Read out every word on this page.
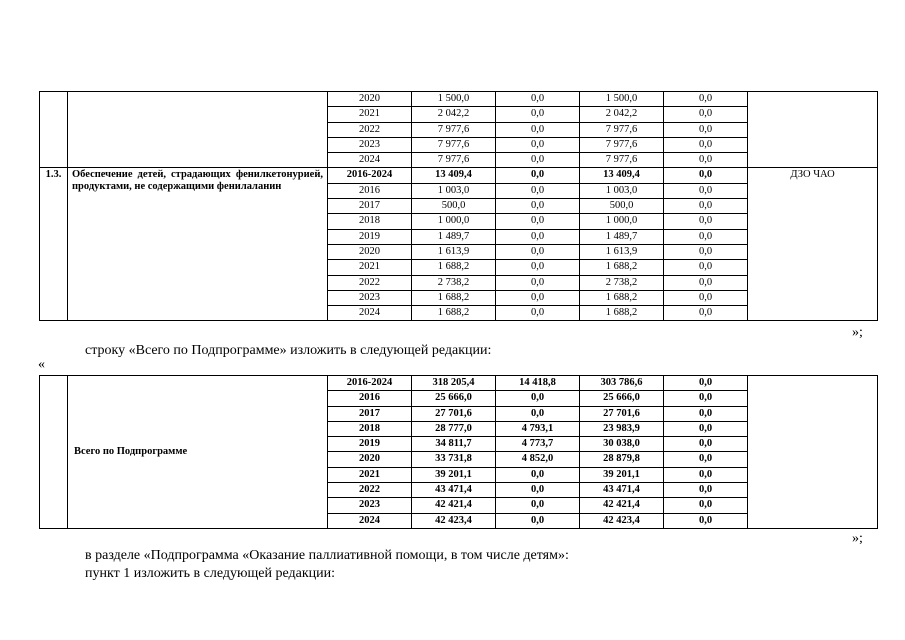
		2020	1 500,0	0,0	1 500,0	0,0	
		2021	2 042,2	0,0	2 042,2	0,0	
		2022	7 977,6	0,0	7 977,6	0,0	
		2023	7 977,6	0,0	7 977,6	0,0	
		2024	7 977,6	0,0	7 977,6	0,0	
1.3.	Обеспечение детей, страдающих фенилкетонурией, продуктами, не содержащими фенилаланин	2016-2024	13 409,4	0,0	13 409,4	0,0	ДЗО ЧАО
		2016	1 003,0	0,0	1 003,0	0,0	
		2017	500,0	0,0	500,0	0,0	
		2018	1 000,0	0,0	1 000,0	0,0	
		2019	1 489,7	0,0	1 489,7	0,0	
		2020	1 613,9	0,0	1 613,9	0,0	
		2021	1 688,2	0,0	1 688,2	0,0	
		2022	2 738,2	0,0	2 738,2	0,0	
		2023	1 688,2	0,0	1 688,2	0,0	
		2024	1 688,2	0,0	1 688,2	0,0	
»;
строку «Всего по Подпрограмме» изложить в следующей редакции:
«
	Всего по Подпрограмме	2016-2024	318 205,4	14 418,8	303 786,6	0,0	
		2016	25 666,0	0,0	25 666,0	0,0	
		2017	27 701,6	0,0	27 701,6	0,0	
		2018	28 777,0	4 793,1	23 983,9	0,0	
		2019	34 811,7	4 773,7	30 038,0	0,0	
		2020	33 731,8	4 852,0	28 879,8	0,0	
		2021	39 201,1	0,0	39 201,1	0,0	
		2022	43 471,4	0,0	43 471,4	0,0	
		2023	42 421,4	0,0	42 421,4	0,0	
		2024	42 423,4	0,0	42 423,4	0,0	
»;
в разделе «Подпрограмма «Оказание паллиативной помощи, в том числе детям»:
пункт 1 изложить в следующей редакции:
